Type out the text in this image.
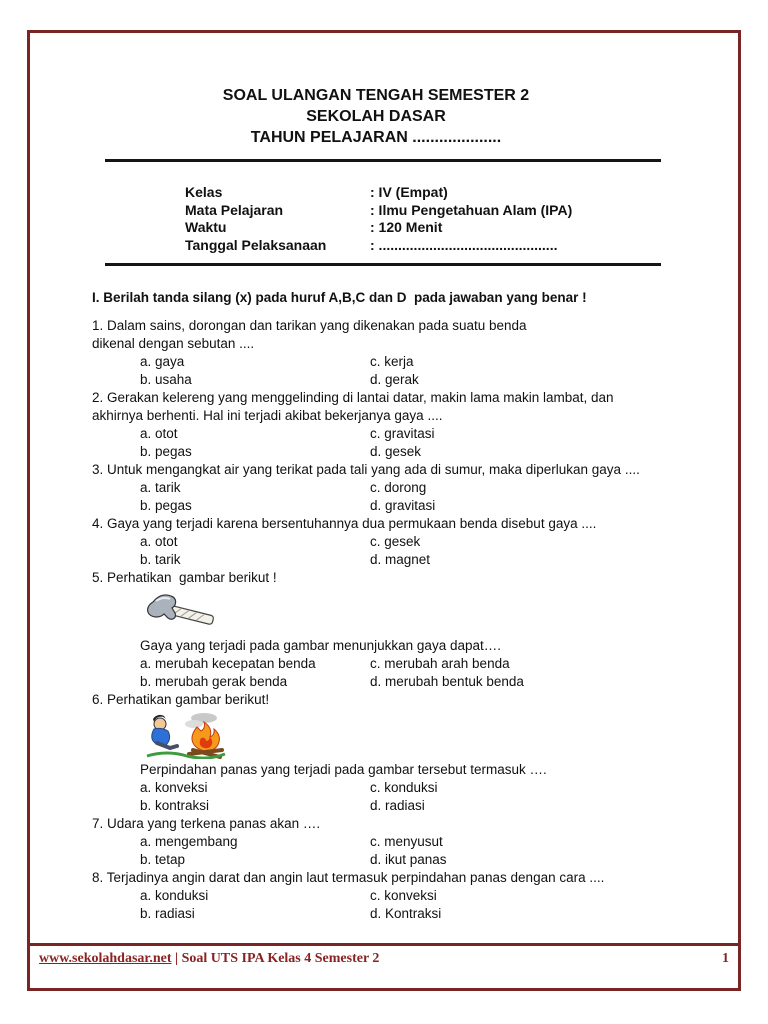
SOAL ULANGAN TENGAH SEMESTER 2
SEKOLAH DASAR
TAHUN PELAJARAN ....................
Kelas	: IV (Empat)
Mata Pelajaran	: Ilmu Pengetahuan Alam (IPA)
Waktu	: 120 Menit
Tanggal Pelaksanaan	: ..............................................
I. Berilah tanda silang (x) pada huruf A,B,C dan D  pada jawaban yang benar !
1. Dalam sains, dorongan dan tarikan yang dikenakan pada suatu benda
dikenal dengan sebutan ....
a. gaya	c. kerja
b. usaha	d. gerak
2. Gerakan kelereng yang menggelinding di lantai datar, makin lama makin lambat, dan
akhirnya berhenti. Hal ini terjadi akibat bekerjanya gaya ....
a. otot	c. gravitasi
b. pegas	d. gesek
3. Untuk mengangkat air yang terikat pada tali yang ada di sumur, maka diperlukan gaya ....
a. tarik	c. dorong
b. pegas	d. gravitasi
4. Gaya yang terjadi karena bersentuhannya dua permukaan benda disebut gaya ....
a. otot	c. gesek
b. tarik	d. magnet
5. Perhatikan  gambar berikut !
Gaya yang terjadi pada gambar menunjukkan gaya dapat….
a. merubah kecepatan benda	c. merubah arah benda
b. merubah gerak benda	d. merubah bentuk benda
6. Perhatikan gambar berikut!
Perpindahan panas yang terjadi pada gambar tersebut termasuk ….
a. konveksi	c. konduksi
b. kontraksi	d. radiasi
7. Udara yang terkena panas akan ….
a. mengembang	c. menyusut
b. tetap	d. ikut panas
8. Terjadinya angin darat dan angin laut termasuk perpindahan panas dengan cara ....
a. konduksi	c. konveksi
b. radiasi	d. Kontraksi
www.sekolahdasar.net | Soal UTS IPA Kelas 4 Semester 2	1
